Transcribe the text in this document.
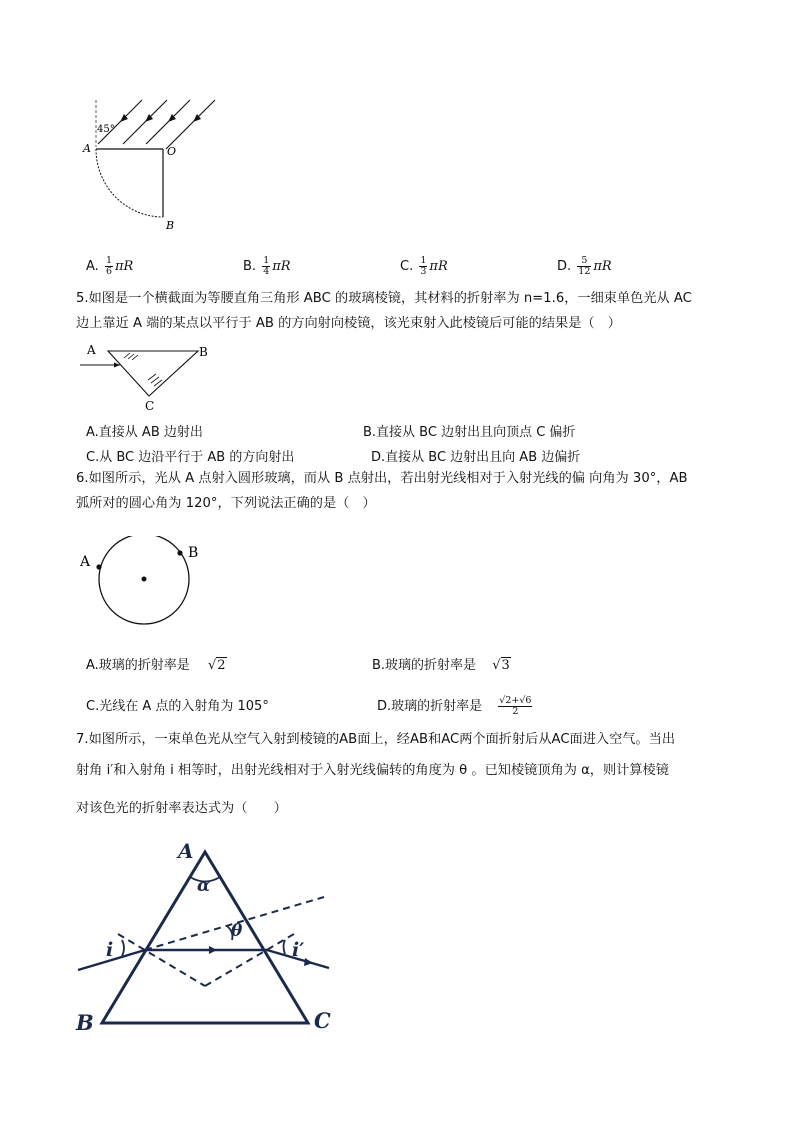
45°
A	O
B
A. $\frac{1}{6}$ πR	B. $\frac{1}{4}$ πR	C. $\frac{1}{3}$ πR	D. $\frac{5}{12}$ πR
5.如图是一个横截面为等腰直角三角形 ABC 的玻璃棱镜，其材料的折射率为 n=1.6，一细束单色光从 AC
边上靠近 A 端的某点以平行于 AB 的方向射向棱镜，该光束射入此棱镜后可能的结果是（　）
A	B
C
A.直接从 AB 边射出	B.直接从 BC 边射出且向顶点 C 偏折
C.从 BC 边沿平行于 AB 的方向射出	D.直接从 BC 边射出且向 AB 边偏折
6.如图所示，光从 A 点射入圆形玻璃，而从 B 点射出，若出射光线相对于入射光线的偏 向角为 30°，AB
弧所对的圆心角为 120°，下列说法正确的是（　）
A
B
A.玻璃的折射率是 √2	B.玻璃的折射率是 √3
C.光线在 A 点的入射角为 105°	D.玻璃的折射率是 $\frac{√2+√6}{2}$
7.如图所示，一束单色光从空气入射到棱镜的AB面上，经AB和AC两个面折射后从AC面进入空气。当出
射角 i′和入射角 i 相等时，出射光线相对于入射光线偏转的角度为 θ 。已知棱镜顶角为 α，则计算棱镜
对该色光的折射率表达式为（　　）
A
α
θ
i	i′
B	C
